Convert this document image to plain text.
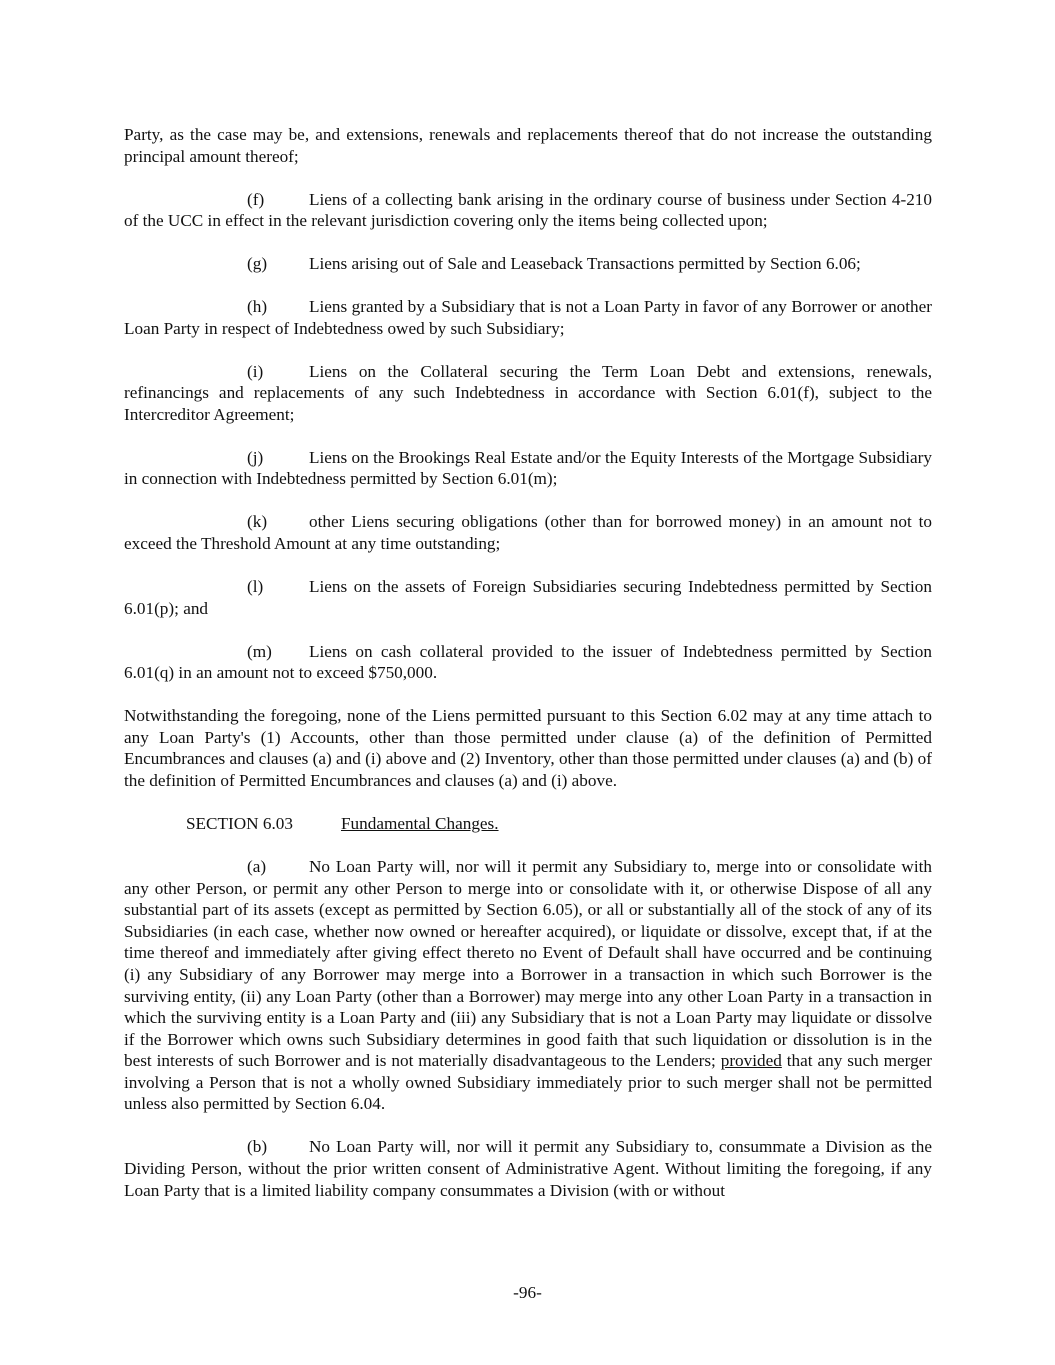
Party, as the case may be, and extensions, renewals and replacements thereof that do not increase the outstanding principal amount thereof;

(f)	Liens of a collecting bank arising in the ordinary course of business under Section 4-210 of the UCC in effect in the relevant jurisdiction covering only the items being collected upon;

(g) Liens arising out of Sale and Leaseback Transactions permitted by Section 6.06;

(h) Liens granted by a Subsidiary that is not a Loan Party in favor of any Borrower or another Loan Party in respect of Indebtedness owed by such Subsidiary;

(i)	Liens on the Collateral securing the Term Loan Debt and extensions, renewals, refinancings and replacements of any such Indebtedness in accordance with Section 6.01(f), subject to the Intercreditor Agreement;

(j)	Liens on the Brookings Real Estate and/or the Equity Interests of the Mortgage Subsidiary in connection with Indebtedness permitted by Section 6.01(m);

(k) other Liens securing obligations (other than for borrowed money) in an amount not to exceed the Threshold Amount at any time outstanding;

(l)	Liens on the assets of Foreign Subsidiaries securing Indebtedness permitted by Section 6.01(p); and

(m) Liens on cash collateral provided to the issuer of Indebtedness permitted by Section 6.01(q) in an amount not to exceed $750,000.

Notwithstanding the foregoing, none of the Liens permitted pursuant to this Section 6.02 may at any time attach to any Loan Party's (1) Accounts, other than those permitted under clause (a) of the definition of Permitted Encumbrances and clauses (a) and (i) above and (2) Inventory, other than those permitted under clauses (a) and (b) of the definition of Permitted Encumbrances and clauses (a) and (i) above.

SECTION 6.03	Fundamental Changes.

(a) No Loan Party will, nor will it permit any Subsidiary to, merge into or consolidate with any other Person, or permit any other Person to merge into or consolidate with it, or otherwise Dispose of all any substantial part of its assets (except as permitted by Section 6.05), or all or substantially all of the stock of any of its Subsidiaries (in each case, whether now owned or hereafter acquired), or liquidate or dissolve, except that, if at the time thereof and immediately after giving effect thereto no Event of Default shall have occurred and be continuing (i) any Subsidiary of any Borrower may merge into a Borrower in a transaction in which such Borrower is the surviving entity, (ii) any Loan Party (other than a Borrower) may merge into any other Loan Party in a transaction in which the surviving entity is a Loan Party and (iii) any Subsidiary that is not a Loan Party may liquidate or dissolve if the Borrower which owns such Subsidiary determines in good faith that such liquidation or dissolution is in the best interests of such Borrower and is not materially disadvantageous to the Lenders; provided that any such merger involving a Person that is not a wholly owned Subsidiary immediately prior to such merger shall not be permitted unless also permitted by Section 6.04.

(b) No Loan Party will, nor will it permit any Subsidiary to, consummate a Division as the Dividing Person, without the prior written consent of Administrative Agent. Without limiting the foregoing, if any Loan Party that is a limited liability company consummates a Division (with or without

-96-
